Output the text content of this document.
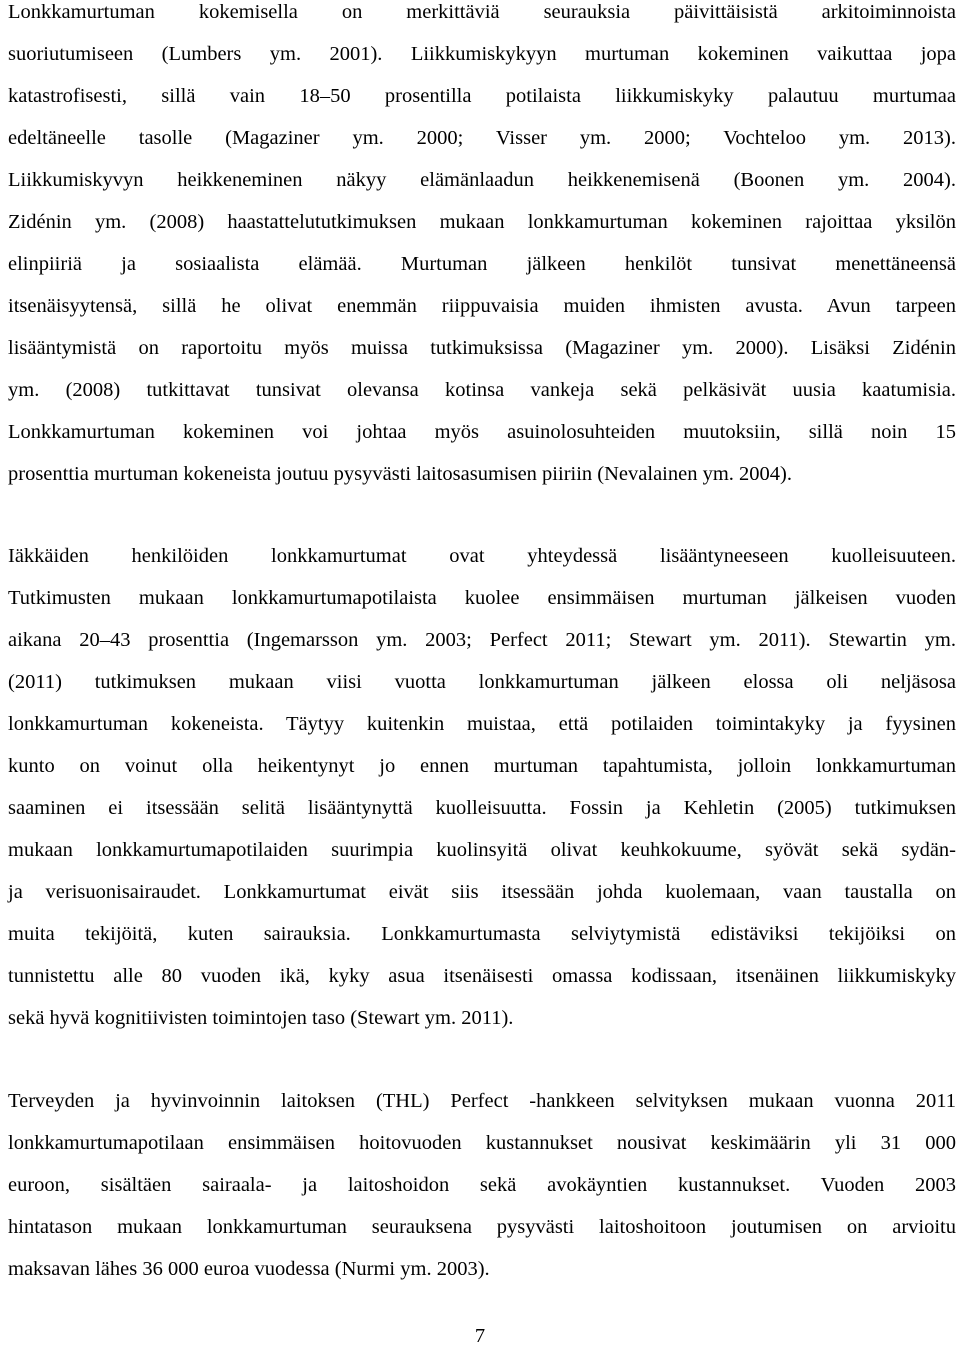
Lonkkamurtuman kokemisella on merkittäviä seurauksia päivittäisistä arkitoiminnoista
suoriutumiseen (Lumbers ym. 2001). Liikkumiskykyyn murtuman kokeminen vaikuttaa jopa
katastrofisesti, sillä vain 18–50 prosentilla potilaista liikkumiskyky palautuu murtumaa
edeltäneelle tasolle (Magaziner ym. 2000; Visser ym. 2000; Vochteloo ym. 2013).
Liikkumiskyvyn heikkeneminen näkyy elämänlaadun heikkenemisenä (Boonen ym. 2004).
Zidénin ym. (2008) haastattelututkimuksen mukaan lonkkamurtuman kokeminen rajoittaa yksilön
elinpiiriä ja sosiaalista elämää. Murtuman jälkeen henkilöt tunsivat menettäneensä
itsenäisyytensä, sillä he olivat enemmän riippuvaisia muiden ihmisten avusta. Avun tarpeen
lisääntymistä on raportoitu myös muissa tutkimuksissa (Magaziner ym. 2000). Lisäksi Zidénin
ym. (2008) tutkittavat tunsivat olevansa kotinsa vankeja sekä pelkäsivät uusia kaatumisia.
Lonkkamurtuman kokeminen voi johtaa myös asuinolosuhteiden muutoksiin, sillä noin 15
prosenttia murtuman kokeneista joutuu pysyvästi laitosasumisen piiriin (Nevalainen ym. 2004).
Iäkkäiden henkilöiden lonkkamurtumat ovat yhteydessä lisääntyneeseen kuolleisuuteen.
Tutkimusten mukaan lonkkamurtumapotilaista kuolee ensimmäisen murtuman jälkeisen vuoden
aikana 20–43 prosenttia (Ingemarsson ym. 2003; Perfect 2011; Stewart ym. 2011). Stewartin ym.
(2011) tutkimuksen mukaan viisi vuotta lonkkamurtuman jälkeen elossa oli neljäsosa
lonkkamurtuman kokeneista. Täytyy kuitenkin muistaa, että potilaiden toimintakyky ja fyysinen
kunto on voinut olla heikentynyt jo ennen murtuman tapahtumista, jolloin lonkkamurtuman
saaminen ei itsessään selitä lisääntynyttä kuolleisuutta. Fossin ja Kehletin (2005) tutkimuksen
mukaan lonkkamurtumapotilaiden suurimpia kuolinsyitä olivat keuhkokuume, syövät sekä sydän-
ja verisuonisairaudet. Lonkkamurtumat eivät siis itsessään johda kuolemaan, vaan taustalla on
muita tekijöitä, kuten sairauksia. Lonkkamurtumasta selviytymistä edistäviksi tekijöiksi on
tunnistettu alle 80 vuoden ikä, kyky asua itsenäisesti omassa kodissaan, itsenäinen liikkumiskyky
sekä hyvä kognitiivisten toimintojen taso (Stewart ym. 2011).
Terveyden ja hyvinvoinnin laitoksen (THL) Perfect -hankkeen selvityksen mukaan vuonna 2011
lonkkamurtumapotilaan ensimmäisen hoitovuoden kustannukset nousivat keskimäärin yli 31 000
euroon, sisältäen sairaala- ja laitoshoidon sekä avokäyntien kustannukset. Vuoden 2003
hintatason mukaan lonkkamurtuman seurauksena pysyvästi laitoshoitoon joutumisen on arvioitu
maksavan lähes 36 000 euroa vuodessa (Nurmi ym. 2003).
7
